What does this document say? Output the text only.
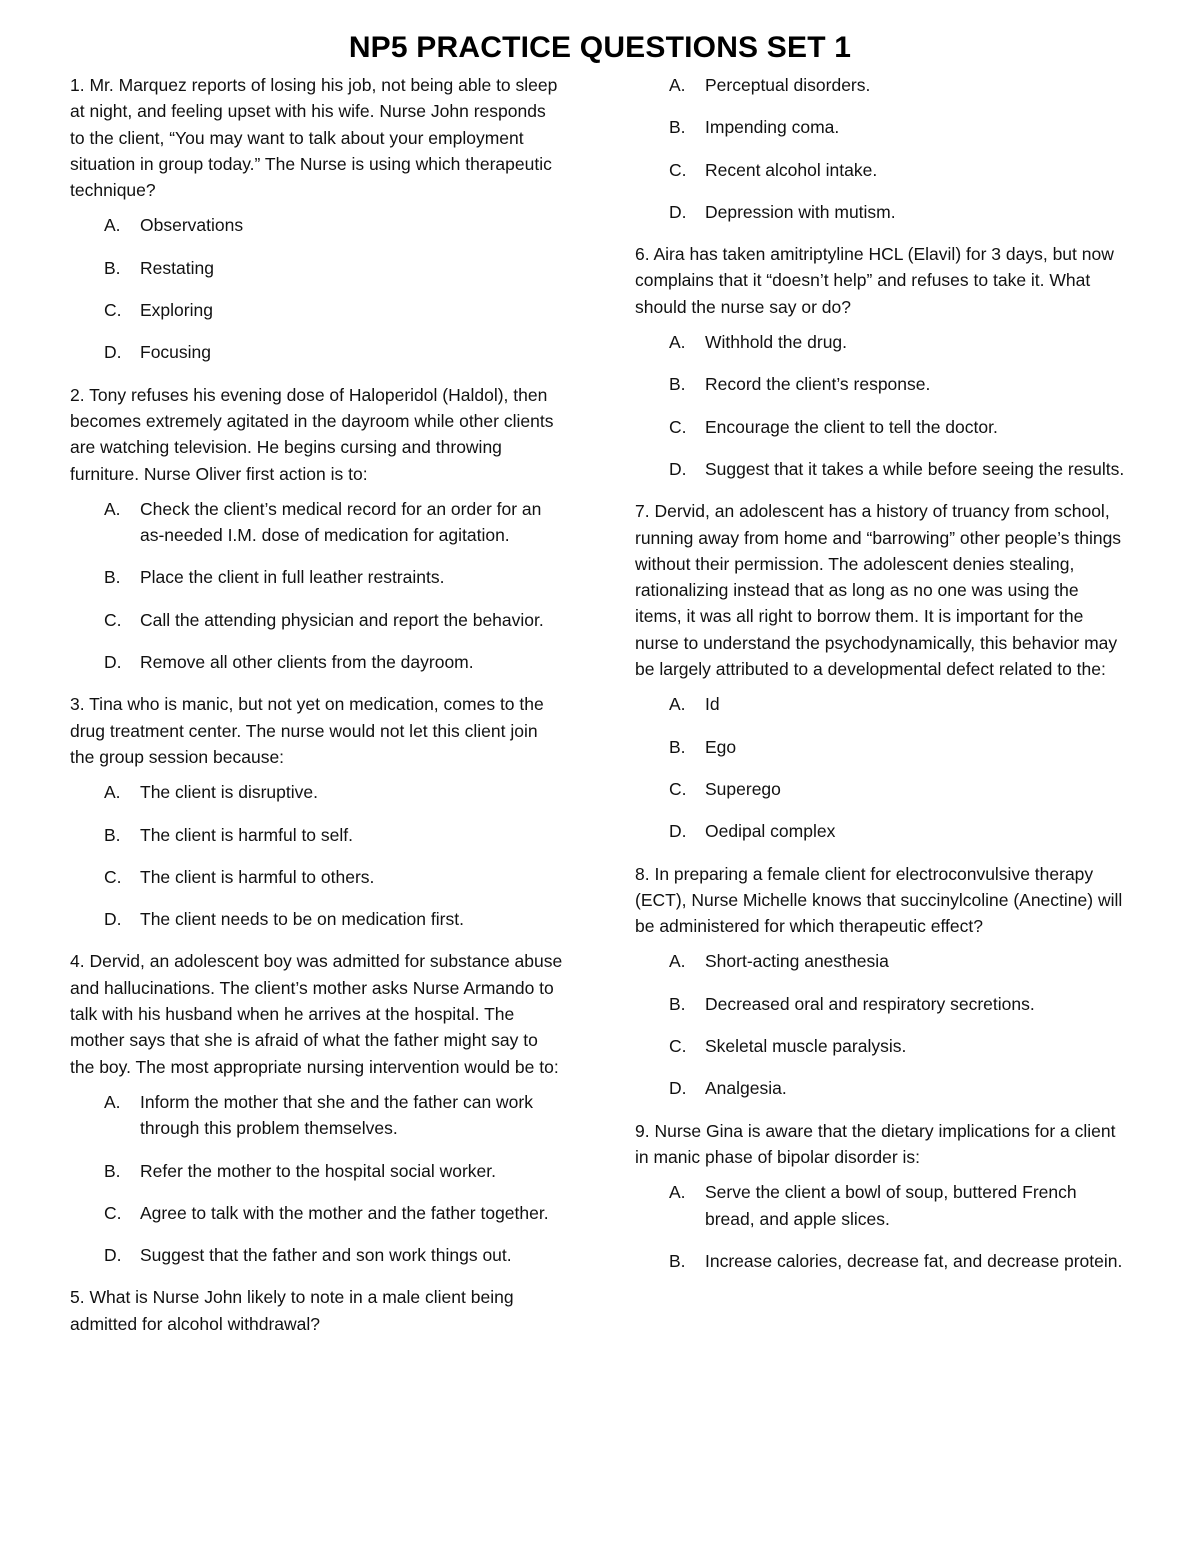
NP5 PRACTICE QUESTIONS SET 1
1. Mr. Marquez reports of losing his job, not being able to sleep at night, and feeling upset with his wife. Nurse John responds to the client, “You may want to talk about your employment situation in group today.” The Nurse is using which therapeutic technique?
A.	Observations
B.	Restating
C.	Exploring
D.	Focusing
2. Tony refuses his evening dose of Haloperidol (Haldol), then becomes extremely agitated in the dayroom while other clients are watching television. He begins cursing and throwing furniture. Nurse Oliver first action is to:
A.	Check the client’s medical record for an order for an as-needed I.M. dose of medication for agitation.
B.	Place the client in full leather restraints.
C.	Call the attending physician and report the behavior.
D.	Remove all other clients from the dayroom.
3. Tina who is manic, but not yet on medication, comes to the drug treatment center. The nurse would not let this client join the group session because:
A.	The client is disruptive.
B.	The client is harmful to self.
C.	The client is harmful to others.
D.	The client needs to be on medication first.
4. Dervid, an adolescent boy was admitted for substance abuse and hallucinations. The client’s mother asks Nurse Armando to talk with his husband when he arrives at the hospital. The mother says that she is afraid of what the father might say to the boy. The most appropriate nursing intervention would be to:
A.	Inform the mother that she and the father can work through this problem themselves.
B.	Refer the mother to the hospital social worker.
C.	Agree to talk with the mother and the father together.
D.	Suggest that the father and son work things out.
5. What is Nurse John likely to note in a male client being admitted for alcohol withdrawal?
A.	Perceptual disorders.
B.	Impending coma.
C.	Recent alcohol intake.
D.	Depression with mutism.
6. Aira has taken amitriptyline HCL (Elavil) for 3 days, but now complains that it “doesn’t help” and refuses to take it. What should the nurse say or do?
A.	Withhold the drug.
B.	Record the client’s response.
C.	Encourage the client to tell the doctor.
D.	Suggest that it takes a while before seeing the results.
7. Dervid, an adolescent has a history of truancy from school, running away from home and “barrowing” other people’s things without their permission. The adolescent denies stealing, rationalizing instead that as long as no one was using the items, it was all right to borrow them. It is important for the nurse to understand the psychodynamically, this behavior may be largely attributed to a developmental defect related to the:
A.	Id
B.	Ego
C.	Superego
D.	Oedipal complex
8. In preparing a female client for electroconvulsive therapy (ECT), Nurse Michelle knows that succinylcoline (Anectine) will be administered for which therapeutic effect?
A.	Short-acting anesthesia
B.	Decreased oral and respiratory secretions.
C.	Skeletal muscle paralysis.
D.	Analgesia.
9. Nurse Gina is aware that the dietary implications for a client in manic phase of bipolar disorder is:
A.	Serve the client a bowl of soup, buttered French bread, and apple slices.
B.	Increase calories, decrease fat, and decrease protein.
